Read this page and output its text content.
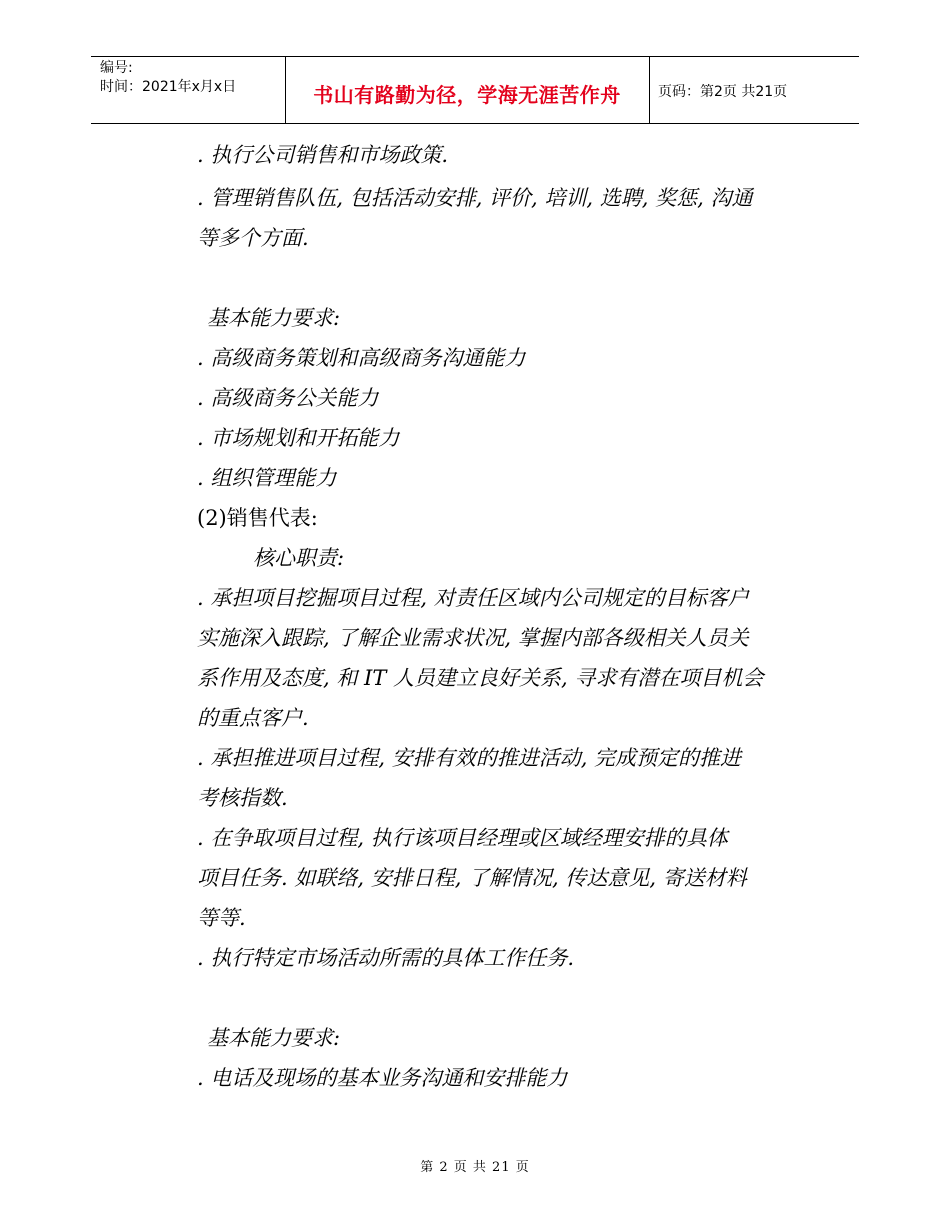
编号:
时间：2021年x月x日	书山有路勤为径，学海无涯苦作舟	页码：第2页 共21页
. 执行公司销售和市场政策.
. 管理销售队伍, 包括活动安排, 评价, 培训, 选聘, 奖惩, 沟通
等多个方面.
基本能力要求:
. 高级商务策划和高级商务沟通能力
. 高级商务公关能力
. 市场规划和开拓能力
. 组织管理能力
(2)销售代表:
核心职责:
. 承担项目挖掘项目过程, 对责任区域内公司规定的目标客户
实施深入跟踪, 了解企业需求状况, 掌握内部各级相关人员关
系作用及态度, 和 IT 人员建立良好关系, 寻求有潜在项目机会
的重点客户.
. 承担推进项目过程, 安排有效的推进活动, 完成预定的推进
考核指数.
. 在争取项目过程, 执行该项目经理或区域经理安排的具体
项目任务. 如联络, 安排日程, 了解情况, 传达意见, 寄送材料
等等.
. 执行特定市场活动所需的具体工作任务.
基本能力要求:
. 电话及现场的基本业务沟通和安排能力
第 2 页 共 21 页
